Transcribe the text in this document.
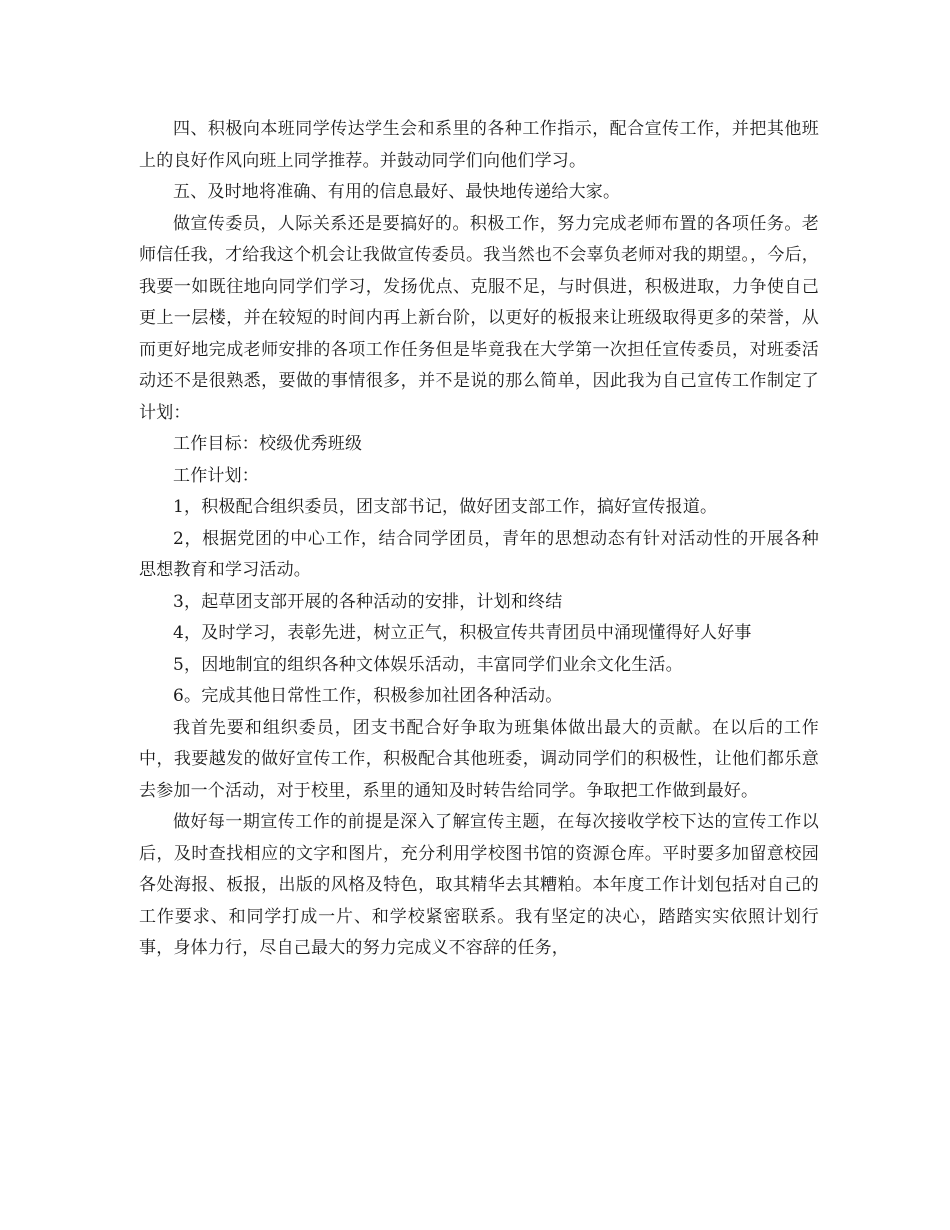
四、积极向本班同学传达学生会和系里的各种工作指示，配合宣传工作，并把其他班上的良好作风向班上同学推荐。并鼓动同学们向他们学习。

五、及时地将准确、有用的信息最好、最快地传递给大家。

做宣传委员，人际关系还是要搞好的。积极工作，努力完成老师布置的各项任务。老师信任我，才给我这个机会让我做宣传委员。我当然也不会辜负老师对我的期望。，今后，我要一如既往地向同学们学习，发扬优点、克服不足，与时俱进，积极进取，力争使自己更上一层楼，并在较短的时间内再上新台阶，以更好的板报来让班级取得更多的荣誉，从而更好地完成老师安排的各项工作任务但是毕竟我在大学第一次担任宣传委员，对班委活动还不是很熟悉，要做的事情很多，并不是说的那么简单，因此我为自己宣传工作制定了计划：

工作目标：校级优秀班级

工作计划：

1，积极配合组织委员，团支部书记，做好团支部工作，搞好宣传报道。

2，根据党团的中心工作，结合同学团员，青年的思想动态有针对活动性的开展各种思想教育和学习活动。

3，起草团支部开展的各种活动的安排，计划和终结

4，及时学习，表彰先进，树立正气，积极宣传共青团员中涌现懂得好人好事

5，因地制宜的组织各种文体娱乐活动，丰富同学们业余文化生活。

6。完成其他日常性工作，积极参加社团各种活动。

我首先要和组织委员，团支书配合好争取为班集体做出最大的贡献。在以后的工作中，我要越发的做好宣传工作，积极配合其他班委，调动同学们的积极性，让他们都乐意去参加一个活动，对于校里，系里的通知及时转告给同学。争取把工作做到最好。

做好每一期宣传工作的前提是深入了解宣传主题，在每次接收学校下达的宣传工作以后，及时查找相应的文字和图片，充分利用学校图书馆的资源仓库。平时要多加留意校园各处海报、板报，出版的风格及特色，取其精华去其糟粕。本年度工作计划包括对自己的工作要求、和同学打成一片、和学校紧密联系。我有坚定的决心，踏踏实实依照计划行事，身体力行，尽自己最大的努力完成义不容辞的任务，
